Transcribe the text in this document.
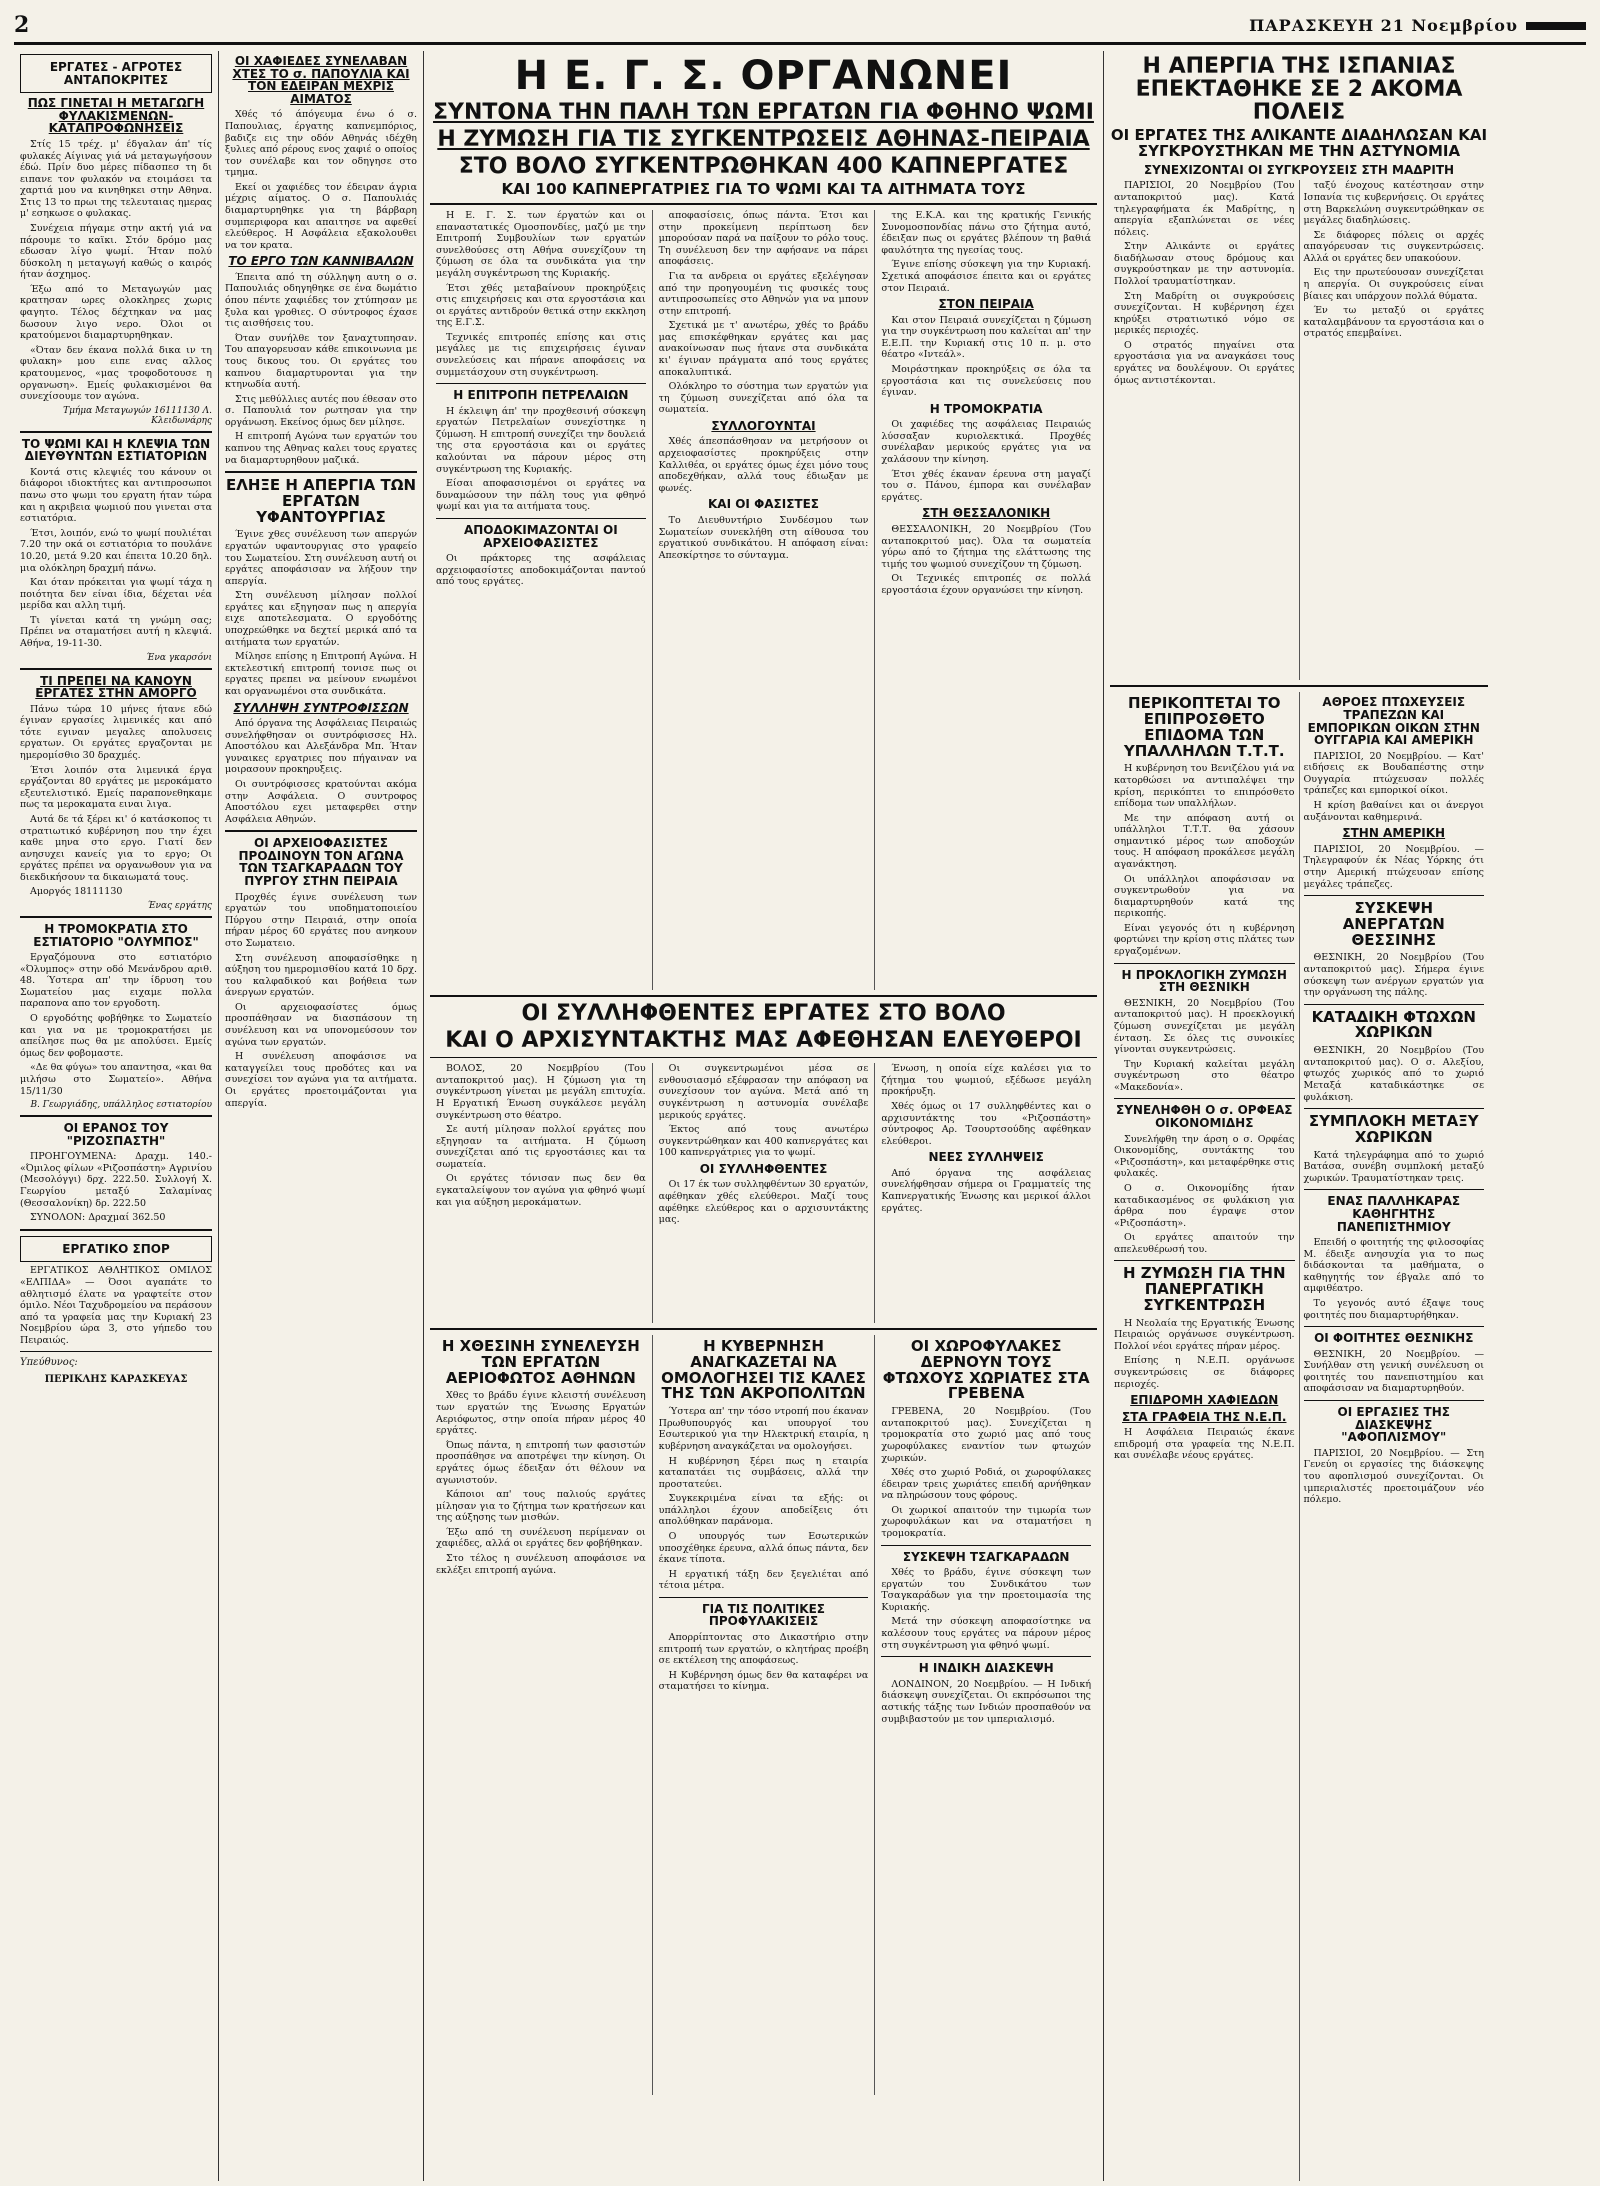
2	ΠΑΡΑΣΚΕΥΗ 21 Νοεμβρίου
ΕΡΓΑΤΕΣ - ΑΓΡΟΤΕΣ ΑΝΤΑΠΟΚΡΙΤΕΣ
ΠΩΣ ΓΙΝΕΤΑΙ Η ΜΕΤΑΓΩΓΗ ΦΥΛΑΚΙΣΜΕΝΩΝ-ΚΑΤΑΠΡΟΦΩΝΗΣΕΙΣ

Στίς 15 τρέχ. μ' έδγαλαν άπ' τίς φυλακές Αίγινας γιά νά μεταγωγήσουν έδώ. Πρίν δυο μέρες πίδασπεσ τη δι ειπανε τον φυλακόν να ετοιμάσει τα χαρτιά μου να κινηθηκει στην Αθηνα. Στις 13 το πρωι της τελευταιας ημερας μ' εσηκωσε ο φυλακας.

Συνέχεια πήγαμε στην ακτή γιά να πάρουμε το καϊκι. Στόν δρόμο μας εδωσαν λίγο ψωμί. Ήταν πολύ δύσκολη η μεταγωγή καθώς ο καιρός ήταν άσχημος.

Έξω από το Μεταγωγών μας κρατησαν ωρες ολοκληρες χωρις φαγητο. Τέλος δέχτηκαν να μας δωσουν λιγο νερο. Όλοι οι κρατούμενοι διαμαρτυρηθηκαν.

«Όταν δεν έκανα πολλά δικα ιν τη φυλακη» μου ειπε ενας αλλος κρατουμενος, «μας τροφοδοτουσε η οργανωση». Εμείς φυλακισμένοι θα συνεχίσουμε τον αγώνα.

Τμήμα Μεταγωγών 16111130 Λ. Κλειδωνάρης
ΤΟ ΨΩΜΙ ΚΑΙ Η ΚΛΕΨΙΑ ΤΩΝ ΔΙΕΥΘΥΝΤΩΝ ΕΣΤΙΑΤΟΡΙΩΝ

Κοντά στις κλεψιές του κάνουν οι διάφοροι ιδιοκτήτες και αντιπροσωποι πανω στο ψωμι του εργατη ήταν τώρα και η ακριβεια ψωμιού που γινεται στα εστιατόρια.

Έτσι, λοιπόν, ενώ το ψωμί πουλιέται 7.20 την οκά οι εστιατόρια το πουλάνε 10.20, μετά 9.20 και έπειτα 10.20 δηλ. μια ολόκληρη δραχμή πάνω.

Και όταν πρόκειται για ψωμί τάχα η ποιότητα δεν είναι ίδια, δέχεται νέα μερίδα και αλλη τιμή.

Τι γίνεται κατά τη γνώμη σας; Πρέπει να σταματήσει αυτή η κλεψιά. Αθήνα, 19-11-30.

Ένα γκαρσόνι
ΤΙ ΠΡΕΠΕΙ ΝΑ ΚΑΝΟΥΝ ΕΡΓΑΤΕΣ ΣΤΗΝ ΑΜΟΡΓΟ

Πάνω τώρα 10 μήνες ήτανε εδώ έγιναν εργασίες λιμενικές και από τότε εγιναν μεγαλες απολυσεις εργατων. Οι εργάτες εργαζονται με ημερομίσθιο 30 δραχμές.

Έτσι λοιπόν στα λιμενικά έργα εργάζονται 80 εργάτες με μεροκάματο εξευτελιστικό. Εμείς παραπονεθηκαμε πως τα μεροκαματα ειναι λιγα.

Αυτά δε τά ξέρει κι' ό κατάσκοπος τι στρατιωτικό κυβέρνηση που την έχει καθε μηνα στο εργο. Γιατί δεν ανησυχει κανείς για το εργο; Οι εργάτες πρέπει να οργανωθουν για να διεκδικήσουν τα δικαιωματά τους.

Αμοργός 18111130

Ένας εργάτης
Η ΤΡΟΜΟΚΡΑΤΙΑ ΣΤΟ ΕΣΤΙΑΤΟΡΙΟ "ΟΛΥΜΠΟΣ"

Εργαζόμουνα στο εστιατόριο «Όλυμπος» στην οδό Μενάνδρου αριθ. 48. Ύστερα απ' την ίδρυση του Σωματείου μας ειχαμε πολλα παραπονα απο τον εργοδοτη.

Ο εργοδότης φοβήθηκε το Σωματείο και για να με τρομοκρατήσει με απείλησε πως θα με απολύσει. Εμείς όμως δεν φοβομαστε.

«Δε θα φύγω» του απαντησα, «και θα μιλήσω στο Σωματείο». Αθήνα 15/11/30

Β. Γεωργιάδης, υπάλληλος εστιατορίου
ΟΙ ΕΡΑΝΟΣ ΤΟΥ "ΡΙΖΟΣΠΑΣΤΗ"

ΠΡΟΗΓΟΥΜΕΝΑ: Δραχμ. 140.- «Όμιλος φίλων «Ριζοσπάστη» Αγρινίου (Μεσολόγγι) δρχ. 222.50. Συλλογή Χ. Γεωργίου μεταξύ Σαλαμίνας (Θεσσαλονίκη) δρ. 222.50

ΣΥΝΟΛΟΝ: Δραχμαί 362.50

ΕΡΓΑΤΙΚΟ ΣΠΟΡ

ΕΡΓΑΤΙΚΟΣ ΑΘΛΗΤΙΚΟΣ ΟΜΙΛΟΣ «ΕΛΠΙΔΑ» — Όσοι αγαπάτε το αθλητισμό έλατε να γραφτείτε στον όμιλο. Νέοι Ταχυδρομείου να περάσουν από τα γραφεία μας την Κυριακή 23 Νοεμβρίου ώρα 3, στο γήπεδο του Πειραιώς.

Υπεύθυνος:
ΠΕΡΙΚΛΗΣ ΚΑΡΑΣΚΕΥΑΣ
ΟΙ ΧΑΦΙΕΔΕΣ ΣΥΝΕΛΑΒΑΝ ΧΤΕΣ ΤΟ σ. ΠΑΠΟΥΛΙΑ ΚΑΙ ΤΟΝ ΕΔΕΙΡΑΝ ΜΕΧΡΙΣ ΑΙΜΑΤΟΣ

Χθές τό άπόγευμα ένω ό σ. Παπουλιας, έργατης καπνεμπόριος, βαδιζε εις την οδόν Αθηνάς ιδέχθη ξυλιες από ρέρους ενος χαφιέ ο οποίος τον συνέλαβε και τον οδηγησε στο τμημα.

Εκεί οι χαφιέδες τον έδειραν άγρια μέχρις αίματος. Ο σ. Παπουλιάς διαμαρτυρηθηκε για τη βάρβαρη συμπεριφορα και απαιτησε να αφεθεί ελεύθερος. Η Ασφάλεια εξακολουθει να τον κρατα.

ΤΟ ΕΡΓΟ ΤΩΝ ΚΑΝΝΙΒΑΛΩΝ

Έπειτα από τη σύλληψη αυτη ο σ. Παπουλιάς οδηγηθηκε σε ένα δωμάτιο όπου πέντε χαφιέδες τον χτύπησαν με ξυλα και γροθιες. Ο σύντροφος έχασε τις αισθήσεις του.

Όταν συνήλθε τον ξαναχτυπησαν. Του απαγορευσαν κάθε επικοινωνια με τους δικους του. Οι εργάτες του καπνου διαμαρτυρονται για την κτηνωδία αυτή.

Στις μεθύλλιες αυτές που έθεσαν στο σ. Παπουλιά τον ρωτησαν για την οργάνωση. Εκείνος όμως δεν μίλησε.

Η επιτροπή Αγώνα των εργατών του καπνου της Αθηνας καλει τους εργατες να διαμαρτυρηθουν μαζικά.

ΕΛΗΞΕ Η ΑΠΕΡΓΙΑ ΤΩΝ ΕΡΓΑΤΩΝ ΥΦΑΝΤΟΥΡΓΙΑΣ

Έγινε χθες συνέλευση των απεργών εργατών υφαντουργιας στο γραφείο του Σωματείου. Στη συνέλευση αυτή οι εργάτες αποφάσισαν να λήξουν την απεργία.

Στη συνέλευση μίλησαν πολλοί εργάτες και εξηγησαν πως η απεργία ειχε αποτελεσματα. Ο εργοδότης υποχρεώθηκε να δεχτεί μερικά από τα αιτήματα των εργατών.

Μίλησε επίσης η Επιτροπή Αγώνα. Η εκτελεστική επιτροπή τονισε πως οι εργατες πρεπει να μείνουν ενωμένοι και οργανωμένοι στα συνδικάτα.

ΣΥΛΛΗΨΗ ΣΥΝΤΡΟΦΙΣΣΩΝ

Από όργανα της Ασφάλειας Πειραιώς συνελήφθησαν οι συντρόφισσες Ηλ. Αποστόλου και Αλεξάνδρα Μπ. Ήταν γυναικες εργατριες που πήγαιναν να μοιρασουν προκηρυξεις.

Οι συντρόφισσες κρατούνται ακόμα στην Ασφάλεια. Ο συντροφος Αποστόλου εχει μεταφερθει στην Ασφάλεια Αθηνών.

ΟΙ ΑΡΧΕΙΟΦΑΣΙΣΤΕΣ ΠΡΟΔΙΝΟΥΝ ΤΟΝ ΑΓΩΝΑ ΤΩΝ ΤΣΑΓΚΑΡΑΔΩΝ ΤΟΥ ΠΥΡΓΟΥ ΣΤΗΝ ΠΕΙΡΑΙΑ

Προχθές έγινε συνέλευση των εργατών του υποδηματοποιείου Πύργου στην Πειραιά, στην οποία πήραν μέρος 60 εργάτες που ανηκουν στο Σωματειο.

Στη συνέλευση αποφασίσθηκε η αύξηση του ημερομισθίου κατά 10 δρχ. του καλφαδικού και βοήθεια των άνεργων εργατών.

Οι αρχειοφασίστες όμως προσπάθησαν να διασπάσουν τη συνέλευση και να υπονομεύσουν τον αγώνα των εργατών.

Η συνέλευση αποφάσισε να καταγγείλει τους προδότες και να συνεχίσει τον αγώνα για τα αιτήματα. Οι εργάτες προετοιμάζονται για απεργία.

Η Ε. Γ. Σ. ΟΡΓΑΝΩΝΕΙ
ΣΥΝΤΟΝΑ ΤΗΝ ΠΑΛΗ ΤΩΝ ΕΡΓΑΤΩΝ ΓΙΑ ΦΘΗΝΟ ΨΩΜΙ
Η ΖΥΜΩΣΗ ΓΙΑ ΤΙΣ ΣΥΓΚΕΝΤΡΩΣΕΙΣ ΑΘΗΝΑΣ-ΠΕΙΡΑΙΑ
ΣΤΟ ΒΟΛΟ ΣΥΓΚΕΝΤΡΩΘΗΚΑΝ 400 ΚΑΠΝΕΡΓΑΤΕΣ
ΚΑΙ 100 ΚΑΠΝΕΡΓΑΤΡΙΕΣ ΓΙΑ ΤΟ ΨΩΜΙ ΚΑΙ ΤΑ ΑΙΤΗΜΑΤΑ ΤΟΥΣ

Η Ε. Γ. Σ. των έργατών και οι επαναστατικές Ομοσπονδίες, μαζύ με την Επιτροπή Συμβουλίων των εργατών συνελθούσες στη Αθήνα συνεχίζουν τη ζύμωση σε όλα τα συνδικάτα για την μεγάλη συγκέντρωση της Κυριακής.

Έτσι χθές μεταβαίνουν προκηρύξεις στις επιχειρήσεις και στα εργοστάσια και οι εργάτες αντιδρούν θετικά στην εκκληση της Ε.Γ.Σ.

Τεχνικές επιτροπές επίσης και στις μεγάλες με τις επιχειρήσεις έγιναν συνελεύσεις και πήρανε αποφάσεις να συμμετάσχουν στη συγκέντρωση.

Η ΕΠΙΤΡΟΠΗ ΠΕΤΡΕΛΑΙΩΝ

Η έκλειψη άπ' την προχθεσινή σύσκεψη εργατών Πετρελαίων συνεχίστηκε η ζύμωση. Η επιτροπή συνεχίζει την δουλειά της στα εργοστάσια και οι εργάτες καλούνται να πάρουν μέρος στη συγκέντρωση της Κυριακής.

Είσαι αποφασισμένοι οι εργάτες να δυναμώσουν την πάλη τους για φθηνό ψωμί και για τα αιτήματα τους.

ΑΠΟΔΟΚΙΜΑΖΟΝΤΑΙ ΟΙ ΑΡΧΕΙΟΦΑΣΙΣΤΕΣ

Οι πράκτορες της ασφάλειας αρχειοφασίστες αποδοκιμάζονται παντού από τους εργάτες.

αποφασίσεις, όπως πάντα. Έτσι και στην προκείμενη περίπτωση δεν μπορούσαν παρά να παίξουν το ρόλο τους. Τη συνέλευση δεν την αφήσανε να πάρει αποφάσεις.

Για τα ανδρεια οι εργάτες εξελέγησαν από την προηγουμένη τις φυσικές τους αντιπροσωπείες στο Αθηνών για να μπουν στην επιτροπή.

Σχετικά με τ' ανωτέρω, χθές το βράδυ μας επισκέφθηκαν εργάτες και μας ανακοίνωσαν πως ήτανε στα συνδικάτα κι' έγιναν πράγματα από τους εργάτες αποκαλυπτικά.

Ολόκληρο το σύστημα των εργατών για τη ζύμωση συνεχίζεται από όλα τα σωματεία.

ΣΥΛΛΟΓΟΥΝΤΑΙ

Χθές άπεσπάσθησαν να μετρήσουν οι αρχειοφασίστες προκηρύξεις στην Καλλιθέα, οι εργάτες όμως έχει μόνο τους αποδεχθήκαν, αλλά τους έδιωξαν με φωνές.

ΚΑΙ ΟΙ ΦΑΣΙΣΤΕΣ

Το Διευθυντήριο Συνδέσμου των Σωματείων συνεκλήθη στη αίθουσα του εργατικού συνδικάτου. Η απόφαση είναι: Απεσκίρτησε το σύνταγμα.

της Ε.Κ.Α. και της κρατικής Γενικής Συνομοσπονδίας πάνω στο ζήτημα αυτό, έδειξαν πως οι εργάτες βλέπουν τη βαθιά φαυλότητα της ηγεσίας τους.

Έγινε επίσης σύσκεψη για την Κυριακή. Σχετικά αποφάσισε έπειτα και οι εργάτες στον Πειραιά.

ΣΤΟΝ ΠΕΙΡΑΙΑ

Και στον Πειραιά συνεχίζεται η ζύμωση για την συγκέντρωση που καλείται απ' την Ε.Ε.Π. την Κυριακή στις 10 π. μ. στο θέατρο «Ιντεάλ».

Μοιράστηκαν προκηρύξεις σε όλα τα εργοστάσια και τις συνελεύσεις που έγιναν.

Η ΤΡΟΜΟΚΡΑΤΙΑ

Οι χαφιέδες της ασφάλειας Πειραιώς λύσσαξαν κυριολεκτικά. Προχθές συνέλαβαν μερικούς εργάτες για να χαλάσουν την κίνηση.

Έτσι χθές έκαναν έρευνα στη μαγαζί του σ. Πάνου, έμπορα και συνέλαβαν εργάτες.

ΣΤΗ ΘΕΣΣΑΛΟΝΙΚΗ

ΘΕΣΣΑΛΟΝΙΚΗ, 20 Νοεμβρίου (Του ανταποκριτού μας). Όλα τα σωματεία γύρω από το ζήτημα της ελάττωσης της τιμής του ψωμιού συνεχίζουν τη ζύμωση.

Οι Τεχνικές επιτροπές σε πολλά εργοστάσια έχουν οργανώσει την κίνηση.

ΟΙ ΣΥΛΛΗΦΘΕΝΤΕΣ ΕΡΓΑΤΕΣ ΣΤΟ ΒΟΛΟ
ΚΑΙ Ο ΑΡΧΙΣΥΝΤΑΚΤΗΣ ΜΑΣ ΑΦΕΘΗΣΑΝ ΕΛΕΥΘΕΡΟΙ

ΒΟΛΟΣ, 20 Νοεμβρίου (Του ανταποκριτού μας). Η ζύμωση για τη συγκέντρωση γίνεται με μεγάλη επιτυχία. Η Εργατική Ένωση συγκάλεσε μεγάλη συγκέντρωση στο θέατρο.

Σε αυτή μίλησαν πολλοί εργάτες που εξηγησαν τα αιτήματα. Η ζύμωση συνεχίζεται από τις εργοστάσιες και τα σωματεία.

Οι εργάτες τόνισαν πως δεν θα εγκαταλείψουν τον αγώνα για φθηνό ψωμί και για αύξηση μεροκάματων.

Οι συγκεντρωμένοι μέσα σε ενθουσιασμό εξέφρασαν την απόφαση να συνεχίσουν τον αγώνα. Μετά από τη συγκέντρωση η αστυνομία συνέλαβε μερικούς εργάτες.

Έκτος από τους ανωτέρω συγκεντρώθηκαν και 400 καπνεργάτες και 100 καπνεργάτριες για το ψωμί.

ΟΙ ΣΥΛΛΗΦΘΕΝΤΕΣ

Οι 17 έκ των συλληφθέντων 30 εργατών, αφέθηκαν χθές ελεύθεροι. Μαζί τους αφέθηκε ελεύθερος και ο αρχισυντάκτης μας.

Ένωση, η οποία είχε καλέσει για το ζήτημα του ψωμιού, εξέδωσε μεγάλη προκήρυξη.

Χθές όμως οι 17 συλληφθέντες και ο αρχισυντάκτης του «Ριζοσπάστη» σύντροφος Αρ. Τσουρτσούδης αφέθηκαν ελεύθεροι.

ΝΕΕΣ ΣΥΛΛΗΨΕΙΣ

Από όργανα της ασφάλειας συνελήφθησαν σήμερα οι Γραμματείς της Καπνεργατικής Ένωσης και μερικοί άλλοι εργάτες.

Η ΧΘΕΣΙΝΗ ΣΥΝΕΛΕΥΣΗ ΤΩΝ ΕΡΓΑΤΩΝ ΑΕΡΙΟΦΩΤΟΣ ΑΘΗΝΩΝ

Χθες το βράδυ έγινε κλειστή συνέλευση των εργατών της Ένωσης Εργατών Αεριόφωτος, στην οποία πήραν μέρος 40 εργάτες.

Όπως πάντα, η επιτροπή των φασιστών προσπάθησε να αποτρέψει την κίνηση. Οι εργάτες όμως έδειξαν ότι θέλουν να αγωνιστούν.

Κάποιοι απ' τους παλιούς εργάτες μίλησαν για το ζήτημα των κρατήσεων και της αύξησης των μισθών.

Έξω από τη συνέλευση περίμεναν οι χαφιέδες, αλλά οι εργάτες δεν φοβήθηκαν.

Στο τέλος η συνέλευση αποφάσισε να εκλέξει επιτροπή αγώνα.

Η ΚΥΒΕΡΝΗΣΗ ΑΝΑΓΚΑΖΕΤΑΙ ΝΑ ΟΜΟΛΟΓΗΣΕΙ ΤΙΣ ΚΑΛΕΣ ΤΗΣ ΤΩΝ ΑΚΡΟΠΟΛΙΤΩΝ

Ύστερα απ' την τόσο ντροπή που έκαναν Πρωθυπουργός και υπουργοί του Εσωτερικού για την Ηλεκτρική εταιρία, η κυβέρνηση αναγκάζεται να ομολογήσει.

Η κυβέρνηση ξέρει πως η εταιρία καταπατάει τις συμβάσεις, αλλά την προστατεύει.

Συγκεκριμένα είναι τα εξής: οι υπάλληλοι έχουν αποδείξεις ότι απολύθηκαν παράνομα.

Ο υπουργός των Εσωτερικών υποσχέθηκε έρευνα, αλλά όπως πάντα, δεν έκανε τίποτα.

Η εργατική τάξη δεν ξεγελιέται από τέτοια μέτρα.

ΓΙΑ ΤΙΣ ΠΟΛΙΤΙΚΕΣ ΠΡΟΦΥΛΑΚΙΣΕΙΣ

Απορρίπτοντας στο Δικαστήριο στην επιτροπή των εργατών, ο κλητήρας προέβη σε εκτέλεση της αποφάσεως.

Η Κυβέρνηση όμως δεν θα καταφέρει να σταματήσει το κίνημα.

ΟΙ ΧΩΡΟΦΥΛΑΚΕΣ ΔΕΡΝΟΥΝ ΤΟΥΣ ΦΤΩΧΟΥΣ ΧΩΡΙΑΤΕΣ ΣΤΑ ΓΡΕΒΕΝΑ

ΓΡΕΒΕΝΑ, 20 Νοεμβρίου. (Του ανταποκριτού μας). Συνεχίζεται η τρομοκρατία στο χωριό μας από τους χωροφύλακες εναντίον των φτωχών χωρικών.

Χθές στο χωριό Ροδιά, οι χωροφύλακες έδειραν τρεις χωριάτες επειδή αρνήθηκαν να πληρώσουν τους φόρους.

Οι χωρικοί απαιτούν την τιμωρία των χωροφυλάκων και να σταματήσει η τρομοκρατία.

ΣΥΣΚΕΨΗ ΤΣΑΓΚΑΡΑΔΩΝ

Χθές το βράδυ, έγινε σύσκεψη των εργατών του Συνδικάτου των Τσαγκαράδων για την προετοιμασία της Κυριακής.

Μετά την σύσκεψη αποφασίστηκε να καλέσουν τους εργάτες να πάρουν μέρος στη συγκέντρωση για φθηνό ψωμί.

Η ΙΝΔΙΚΗ ΔΙΑΣΚΕΨΗ

ΛΟΝΔΙΝΟΝ, 20 Νοεμβρίου. — Η Ινδική διάσκεψη συνεχίζεται. Οι εκπρόσωποι της αστικής τάξης των Ινδιών προσπαθούν να συμβιβαστούν με τον ιμπεριαλισμό.

Η ΑΠΕΡΓΙΑ ΤΗΣ ΙΣΠΑΝΙΑΣ ΕΠΕΚΤΑΘΗΚΕ ΣΕ 2 ΑΚΟΜΑ ΠΟΛΕΙΣ
ΟΙ ΕΡΓΑΤΕΣ ΤΗΣ ΑΛΙΚΑΝΤΕ ΔΙΑΔΗΛΩΣΑΝ ΚΑΙ ΣΥΓΚΡΟΥΣΤΗΚΑΝ ΜΕ ΤΗΝ ΑΣΤΥΝΟΜΙΑ
ΣΥΝΕΧΙΖΟΝΤΑΙ ΟΙ ΣΥΓΚΡΟΥΣΕΙΣ ΣΤΗ ΜΑΔΡΙΤΗ

ΠΑΡΙΣΙΟΙ, 20 Νοεμβρίου (Του ανταποκριτού μας). Κατά τηλεγραφήματα έκ Μαδρίτης, η απεργία εξαπλώνεται σε νέες πόλεις.

Στην Αλικάντε οι εργάτες διαδήλωσαν στους δρόμους και συγκρούστηκαν με την αστυνομία. Πολλοί τραυματίστηκαν.

Στη Μαδρίτη οι συγκρούσεις συνεχίζονται. Η κυβέρνηση έχει κηρύξει στρατιωτικό νόμο σε μερικές περιοχές.

Ο στρατός πηγαίνει στα εργοστάσια για να αναγκάσει τους εργάτες να δουλέψουν. Οι εργάτες όμως αντιστέκονται.

ταξύ ένοχους κατέστησαν στην Ισπανία τις κυβερνήσεις. Οι εργάτες στη Βαρκελώνη συγκεντρώθηκαν σε μεγάλες διαδηλώσεις.

Σε διάφορες πόλεις οι αρχές απαγόρευσαν τις συγκεντρώσεις. Αλλά οι εργάτες δεν υπακούουν.

Εις την πρωτεύουσαν συνεχίζεται η απεργία. Οι συγκρούσεις είναι βίαιες και υπάρχουν πολλά θύματα.

Έν τω μεταξύ οι εργάτες καταλαμβάνουν τα εργοστάσια και ο στρατός επεμβαίνει.

ΠΕΡΙΚΟΠΤΕΤΑΙ ΤΟ ΕΠΙΠΡΟΣΘΕΤΟ ΕΠΙΔΟΜΑ ΤΩΝ ΥΠΑΛΛΗΛΩΝ Τ.Τ.Τ.

Η κυβέρνηση του Βενιζέλου γιά να κατορθώσει να αντιπαλέψει την κρίση, περικόπτει το επιπρόσθετο επίδομα των υπαλλήλων.

Με την απόφαση αυτή οι υπάλληλοι Τ.Τ.Τ. θα χάσουν σημαντικό μέρος των αποδοχών τους. Η απόφαση προκάλεσε μεγάλη αγανάκτηση.

Οι υπάλληλοι αποφάσισαν να συγκεντρωθούν για να διαμαρτυρηθούν κατά της περικοπής.

Είναι γεγονός ότι η κυβέρνηση φορτώνει την κρίση στις πλάτες των εργαζομένων.

Η ΠΡΟΚΛΟΓΙΚΗ ΖΥΜΩΣΗ ΣΤΗ ΘΕΣΝΙΚΗ

ΘΕΣΝΙΚΗ, 20 Νοεμβρίου (Του ανταποκριτού μας). Η προεκλογική ζύμωση συνεχίζεται με μεγάλη ένταση. Σε όλες τις συνοικίες γίνονται συγκεντρώσεις.

Την Κυριακή καλείται μεγάλη συγκέντρωση στο θέατρο «Μακεδονία».

ΣΥΝΕΛΗΦΘΗ Ο σ. ΟΡΦΕΑΣ ΟΙΚΟΝΟΜΙΔΗΣ

Συνελήφθη την άρση ο σ. Ορφέας Οικονομίδης, συντάκτης του «Ριζοσπάστη», και μεταφέρθηκε στις φυλακές.

Ο σ. Οικονομίδης ήταν καταδικασμένος σε φυλάκιση για άρθρα που έγραψε στον «Ριζοσπάστη».

Οι εργάτες απαιτούν την απελευθέρωσή του.

Η ΖΥΜΩΣΗ ΓΙΑ ΤΗΝ ΠΑΝΕΡΓΑΤΙΚΗ ΣΥΓΚΕΝΤΡΩΣΗ

Η Νεολαία της Εργατικής Ένωσης Πειραιώς οργάνωσε συγκέντρωση. Πολλοί νέοι εργάτες πήραν μέρος.

Επίσης η Ν.Ε.Π. οργάνωσε συγκεντρώσεις σε διάφορες περιοχές.

ΕΠΙΔΡΟΜΗ ΧΑΦΙΕΔΩΝ
ΣΤΑ ΓΡΑΦΕΙΑ ΤΗΣ Ν.Ε.Π.

Η Ασφάλεια Πειραιώς έκανε επιδρομή στα γραφεία της Ν.Ε.Π. και συνέλαβε νέους εργάτες.

ΑΘΡΟΕΣ ΠΤΩΧΕΥΣΕΙΣ ΤΡΑΠΕΖΩΝ ΚΑΙ ΕΜΠΟΡΙΚΩΝ ΟΙΚΩΝ ΣΤΗΝ ΟΥΓΓΑΡΙΑ ΚΑΙ ΑΜΕΡΙΚΗ

ΠΑΡΙΣΙΟΙ, 20 Νοεμβρίου. — Κατ' ειδήσεις εκ Βουδαπέστης στην Ουγγαρία πτώχευσαν πολλές τράπεζες και εμπορικοί οίκοι.

Η κρίση βαθαίνει και οι άνεργοι αυξάνονται καθημερινά.

ΣΤΗΝ ΑΜΕΡΙΚΗ

ΠΑΡΙΣΙΟΙ, 20 Νοεμβρίου. — Τηλεγραφούν έκ Νέας Υόρκης ότι στην Αμερική πτώχευσαν επίσης μεγάλες τράπεζες.

ΣΥΣΚΕΨΗ ΑΝΕΡΓΑΤΩΝ ΘΕΣΣΙΝΗΣ

ΘΕΣΝΙΚΗ, 20 Νοεμβρίου (Του ανταποκριτού μας). Σήμερα έγινε σύσκεψη των ανέργων εργατών για την οργάνωση της πάλης.

ΚΑΤΑΔΙΚΗ ΦΤΩΧΩΝ ΧΩΡΙΚΩΝ

ΘΕΣΝΙΚΗ, 20 Νοεμβρίου (Του ανταποκριτού μας). Ο σ. Αλεξίου, φτωχός χωρικός από το χωριό Μεταξά καταδικάστηκε σε φυλάκιση.

ΣΥΜΠΛΟΚΗ ΜΕΤΑΞΥ ΧΩΡΙΚΩΝ

Κατά τηλεγράφημα από το χωριό Βατάσα, συνέβη συμπλοκή μεταξύ χωρικών. Τραυματίστηκαν τρεις.

ΕΝΑΣ ΠΑΛΛΗΚΑΡΑΣ ΚΑΘΗΓΗΤΗΣ ΠΑΝΕΠΙΣΤΗΜΙΟΥ

Επειδή ο φοιτητής της φιλοσοφίας Μ. έδειξε ανησυχία για το πως διδάσκονται τα μαθήματα, ο καθηγητής τον έβγαλε από το αμφιθέατρο.

Το γεγονός αυτό έξαψε τους φοιτητές που διαμαρτυρήθηκαν.

ΟΙ ΦΟΙΤΗΤΕΣ ΘΕΣΝΙΚΗΣ

ΘΕΣΝΙΚΗ, 20 Νοεμβρίου. — Συνήλθαν στη γενική συνέλευση οι φοιτητές του πανεπιστημίου και αποφάσισαν να διαμαρτυρηθούν.

ΟΙ ΕΡΓΑΣΙΕΣ ΤΗΣ ΔΙΑΣΚΕΨΗΣ "ΑΦΟΠΛΙΣΜΟΥ"

ΠΑΡΙΣΙΟΙ, 20 Νοεμβρίου. — Στη Γενεύη οι εργασίες της διάσκεψης του αφοπλισμού συνεχίζονται. Οι ιμπεριαλιστές προετοιμάζουν νέο πόλεμο.
